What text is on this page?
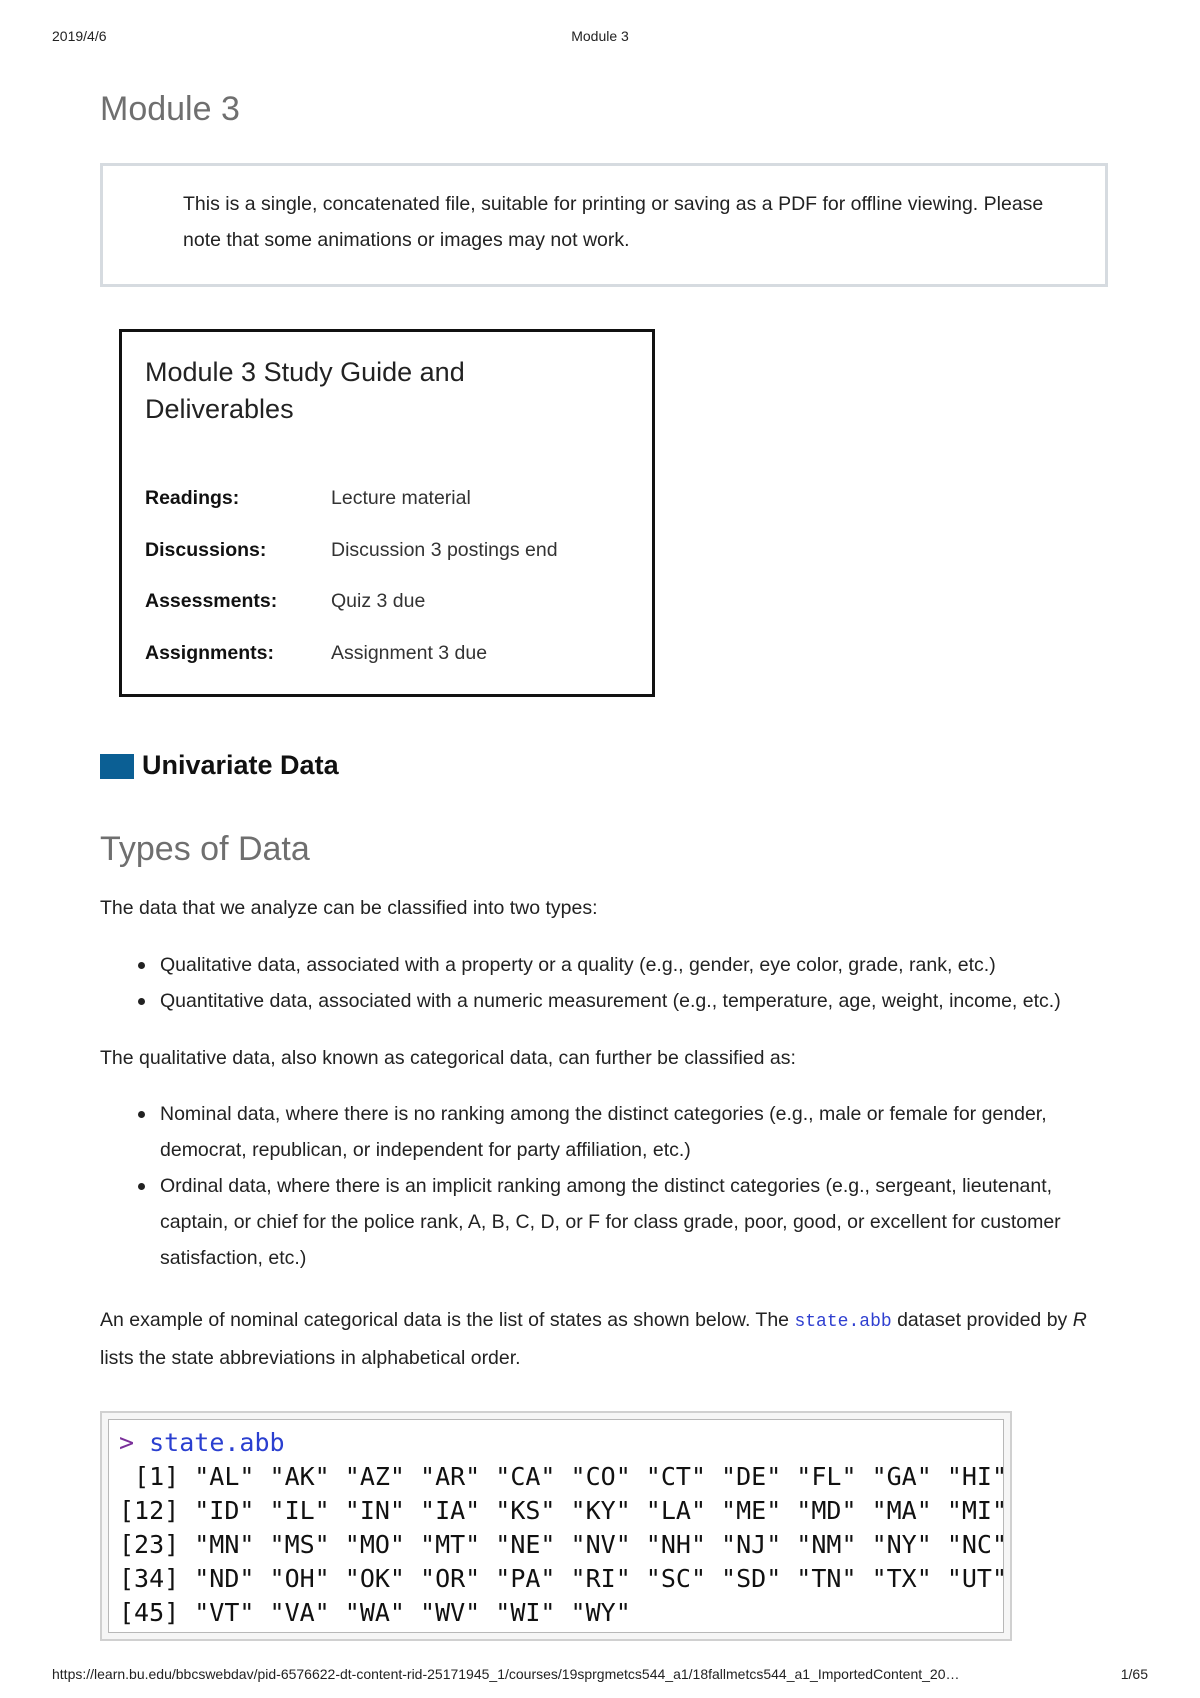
2019/4/6	Module 3
Module 3

This is a single, concatenated file, suitable for printing or saving as a PDF for offline viewing. Please note that some animations or images may not work.

Module 3 Study Guide and Deliverables
Readings:	Lecture material
Discussions:	Discussion 3 postings end
Assessments:	Quiz 3 due
Assignments:	Assignment 3 due
Univariate Data
Types of Data

The data that we analyze can be classified into two types:

Qualitative data, associated with a property or a quality (e.g., gender, eye color, grade, rank, etc.)
Quantitative data, associated with a numeric measurement (e.g., temperature, age, weight, income, etc.)

The qualitative data, also known as categorical data, can further be classified as:

Nominal data, where there is no ranking among the distinct categories (e.g., male or female for gender, democrat, republican, or independent for party affiliation, etc.)
Ordinal data, where there is an implicit ranking among the distinct categories (e.g., sergeant, lieutenant, captain, or chief for the police rank, A, B, C, D, or F for class grade, poor, good, or excellent for customer satisfaction, etc.)

An example of nominal categorical data is the list of states as shown below. The state.abb dataset provided by R lists the state abbreviations in alphabetical order.

> state.abb
[1] "AL" "AK" "AZ" "AR" "CA" "CO" "CT" "DE" "FL" "GA" "HI"
[12] "ID" "IL" "IN" "IA" "KS" "KY" "LA" "ME" "MD" "MA" "MI"
[23] "MN" "MS" "MO" "MT" "NE" "NV" "NH" "NJ" "NM" "NY" "NC"
[34] "ND" "OH" "OK" "OR" "PA" "RI" "SC" "SD" "TN" "TX" "UT"
[45] "VT" "VA" "WA" "WV" "WI" "WY"
https://learn.bu.edu/bbcswebdav/pid-6576622-dt-content-rid-25171945_1/courses/19sprgmetcs544_a1/18fallmetcs544_a1_ImportedContent_20…	1/65
